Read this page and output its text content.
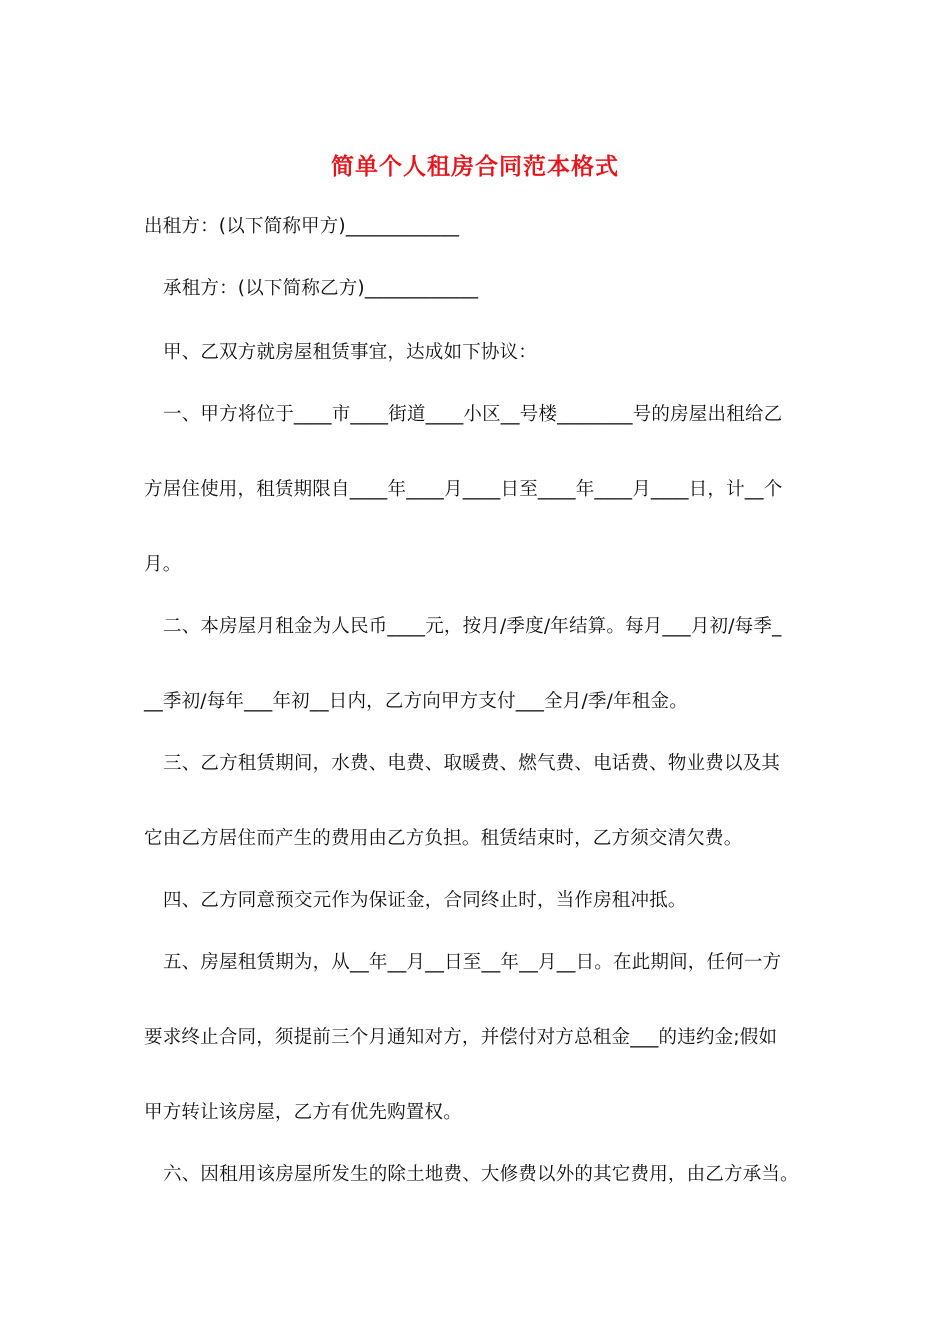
简单个人租房合同范本格式
出租方：(以下简称甲方)____________
承租方：(以下简称乙方)____________
甲、乙双方就房屋租赁事宜，达成如下协议：
一、甲方将位于____市____街道____小区__号楼________号的房屋出租给乙
方居住使用，租赁期限自____年____月____日至____年____月____日，计__个
月。
二、本房屋月租金为人民币____元，按月/季度/年结算。每月___月初/每季_
__季初/每年___年初__日内，乙方向甲方支付___全月/季/年租金。
三、乙方租赁期间，水费、电费、取暖费、燃气费、电话费、物业费以及其
它由乙方居住而产生的费用由乙方负担。租赁结束时，乙方须交清欠费。
四、乙方同意预交元作为保证金，合同终止时，当作房租冲抵。
五、房屋租赁期为，从__年__月__日至__年__月__日。在此期间，任何一方
要求终止合同，须提前三个月通知对方，并偿付对方总租金___的违约金;假如
甲方转让该房屋，乙方有优先购置权。
六、因租用该房屋所发生的除土地费、大修费以外的其它费用，由乙方承当。
